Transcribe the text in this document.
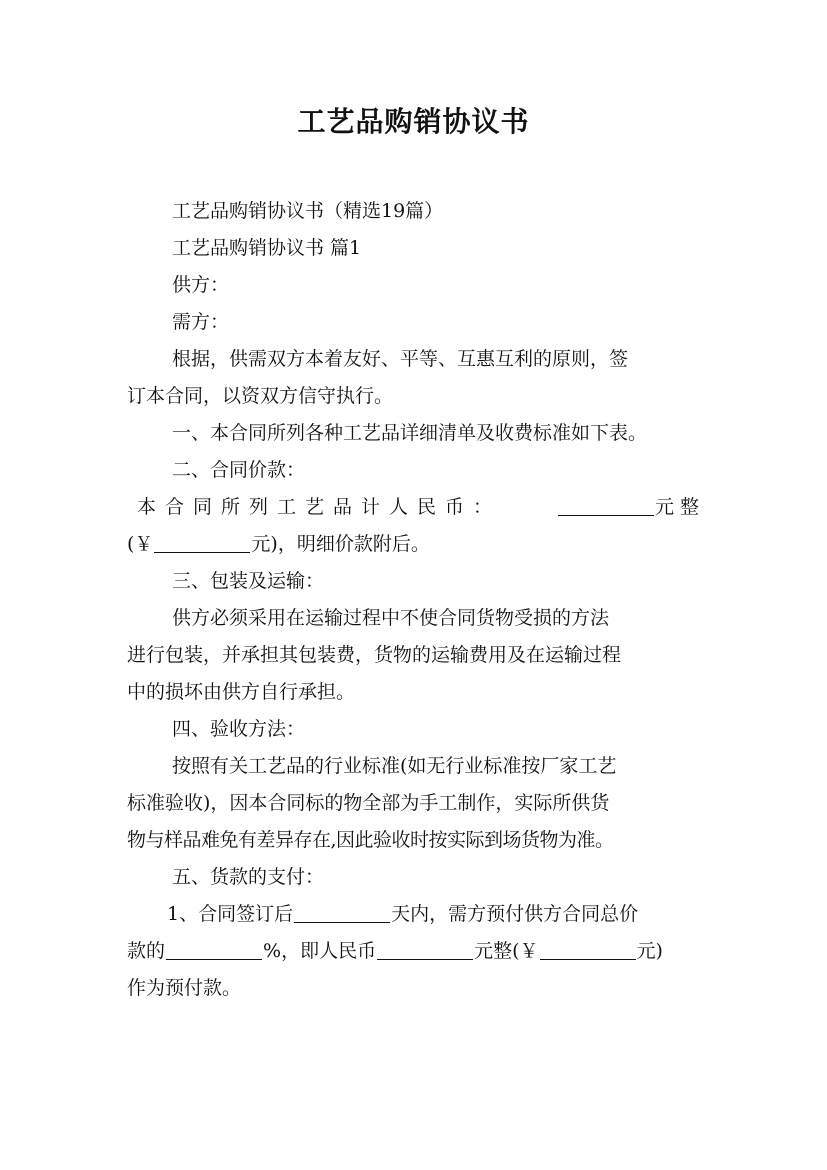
工艺品购销协议书
工艺品购销协议书（精选19篇）
工艺品购销协议书 篇1
供方：
需方：
根据，供需双方本着友好、平等、互惠互利的原则，签
订本合同，以资双方信守执行。
一、本合同所列各种工艺品详细清单及收费标准如下表。
二、合同价款：
本合同所列工艺品计人民币：	元整
(￥	元)，明细价款附后。
三、包装及运输：
供方必须采用在运输过程中不使合同货物受损的方法
进行包装，并承担其包装费，货物的运输费用及在运输过程
中的损坏由供方自行承担。
四、验收方法：
按照有关工艺品的行业标准(如无行业标准按厂家工艺
标准验收)，因本合同标的物全部为手工制作，实际所供货
物与样品难免有差异存在,因此验收时按实际到场货物为准。
五、货款的支付：
1、合同签订后	天内，需方预付供方合同总价
款的	%，即人民币	元整(￥	元)
作为预付款。
